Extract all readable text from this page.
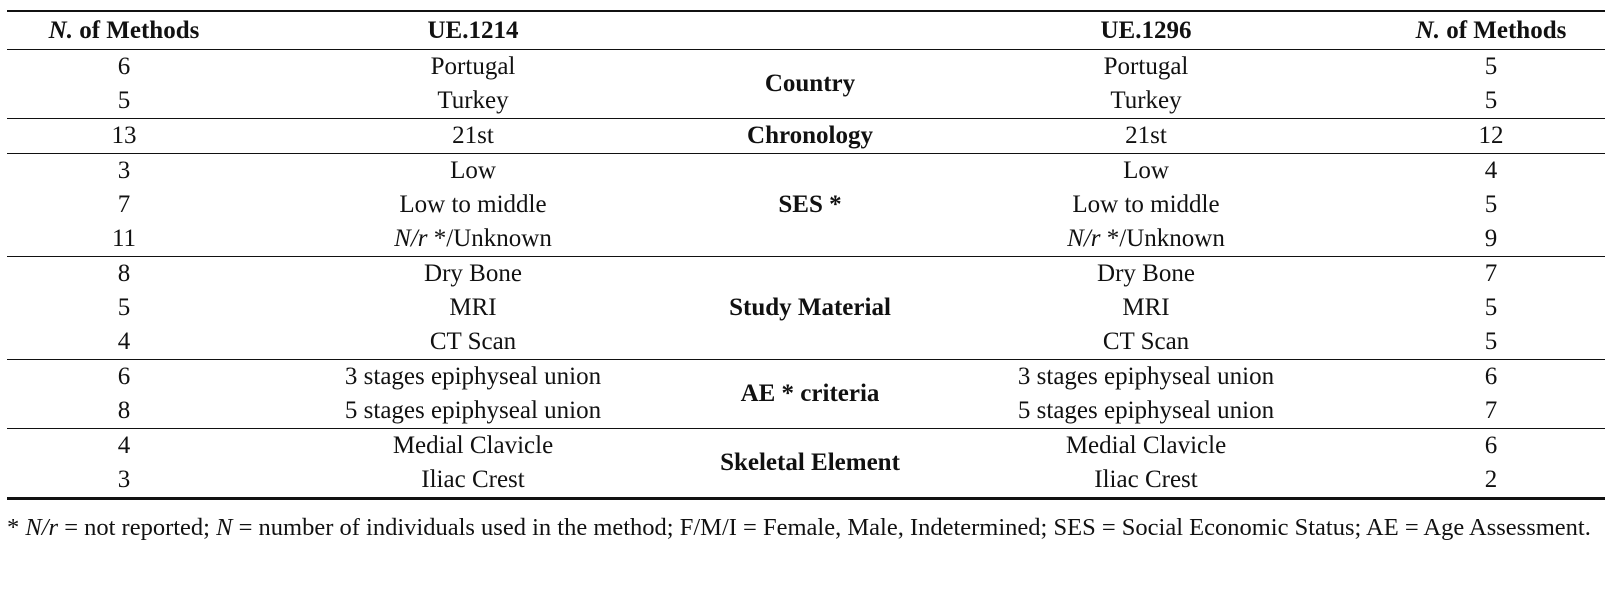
N. of Methods	UE.1214		UE.1296	N. of Methods
6	Portugal	Country	Portugal	5
5	Turkey		Turkey	5
13	21st	Chronology	21st	12
3	Low	SES *	Low	4
7	Low to middle		Low to middle	5
11	N/r */Unknown		N/r */Unknown	9
8	Dry Bone	Study Material	Dry Bone	7
5	MRI		MRI	5
4	CT Scan		CT Scan	5
6	3 stages epiphyseal union	AE * criteria	3 stages epiphyseal union	6
8	5 stages epiphyseal union		5 stages epiphyseal union	7
4	Medial Clavicle	Skeletal Element	Medial Clavicle	6
3	Iliac Crest		Iliac Crest	2
* N/r = not reported; N = number of individuals used in the method; F/M/I = Female, Male, Indetermined; SES = Social Economic Status; AE = Age Assessment.
